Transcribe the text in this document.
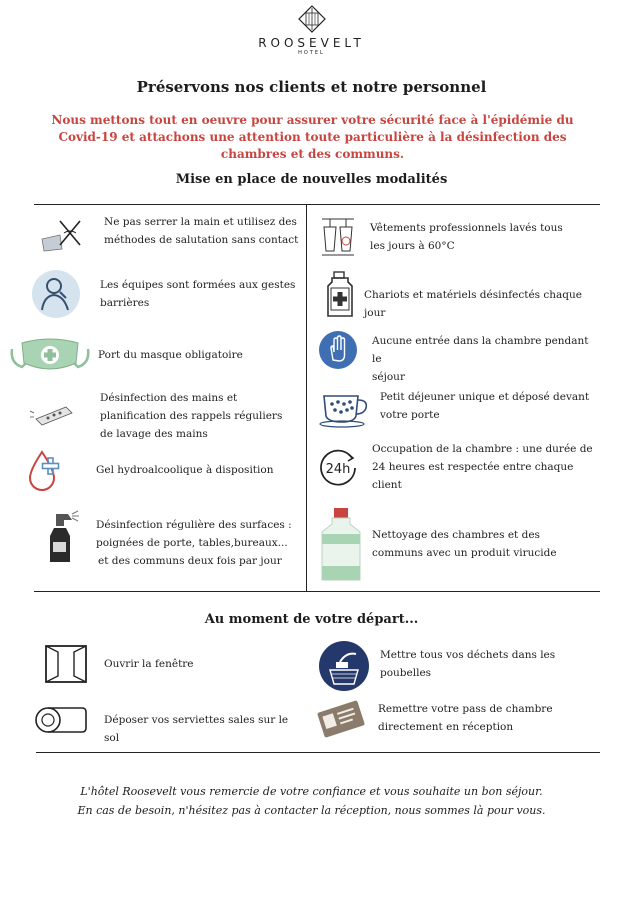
ROOSEVELT
HOTEL
Préservons nos clients et notre personnel
Nous mettons tout en oeuvre pour assurer votre sécurité face à l'épidémie du
Covid-19 et attachons une attention toute particulière à la désinfection des
chambres et des communs.
Mise en place de nouvelles modalités
Ne pas serrer la main et utilisez des
méthodes de salutation sans contact
Les équipes sont formées aux gestes
barrières
Port du masque obligatoire
Désinfection des mains et
planification des rappels réguliers
de lavage des mains
Gel hydroalcoolique à disposition
Désinfection régulière des surfaces :
poignées de porte, tables,bureaux...
et des communs deux fois par jour
Vêtements professionnels lavés tous
les jours à 60°C
Chariots et matériels désinfectés chaque
jour
Aucune entrée dans la chambre pendant le
séjour
Petit déjeuner unique et déposé devant
votre porte
24h
Occupation de la chambre : une durée de
24 heures est respectée entre chaque
client
Nettoyage des chambres et des
communs avec un produit virucide
Au moment de votre départ...
Ouvrir la fenêtre
Mettre tous vos déchets dans les
poubelles
Déposer vos serviettes sales sur le sol
Remettre votre pass de chambre
directement en réception
L'hôtel Roosevelt vous remercie de votre confiance et vous souhaite un bon séjour.
En cas de besoin, n'hésitez pas à contacter la réception, nous sommes là pour vous.
